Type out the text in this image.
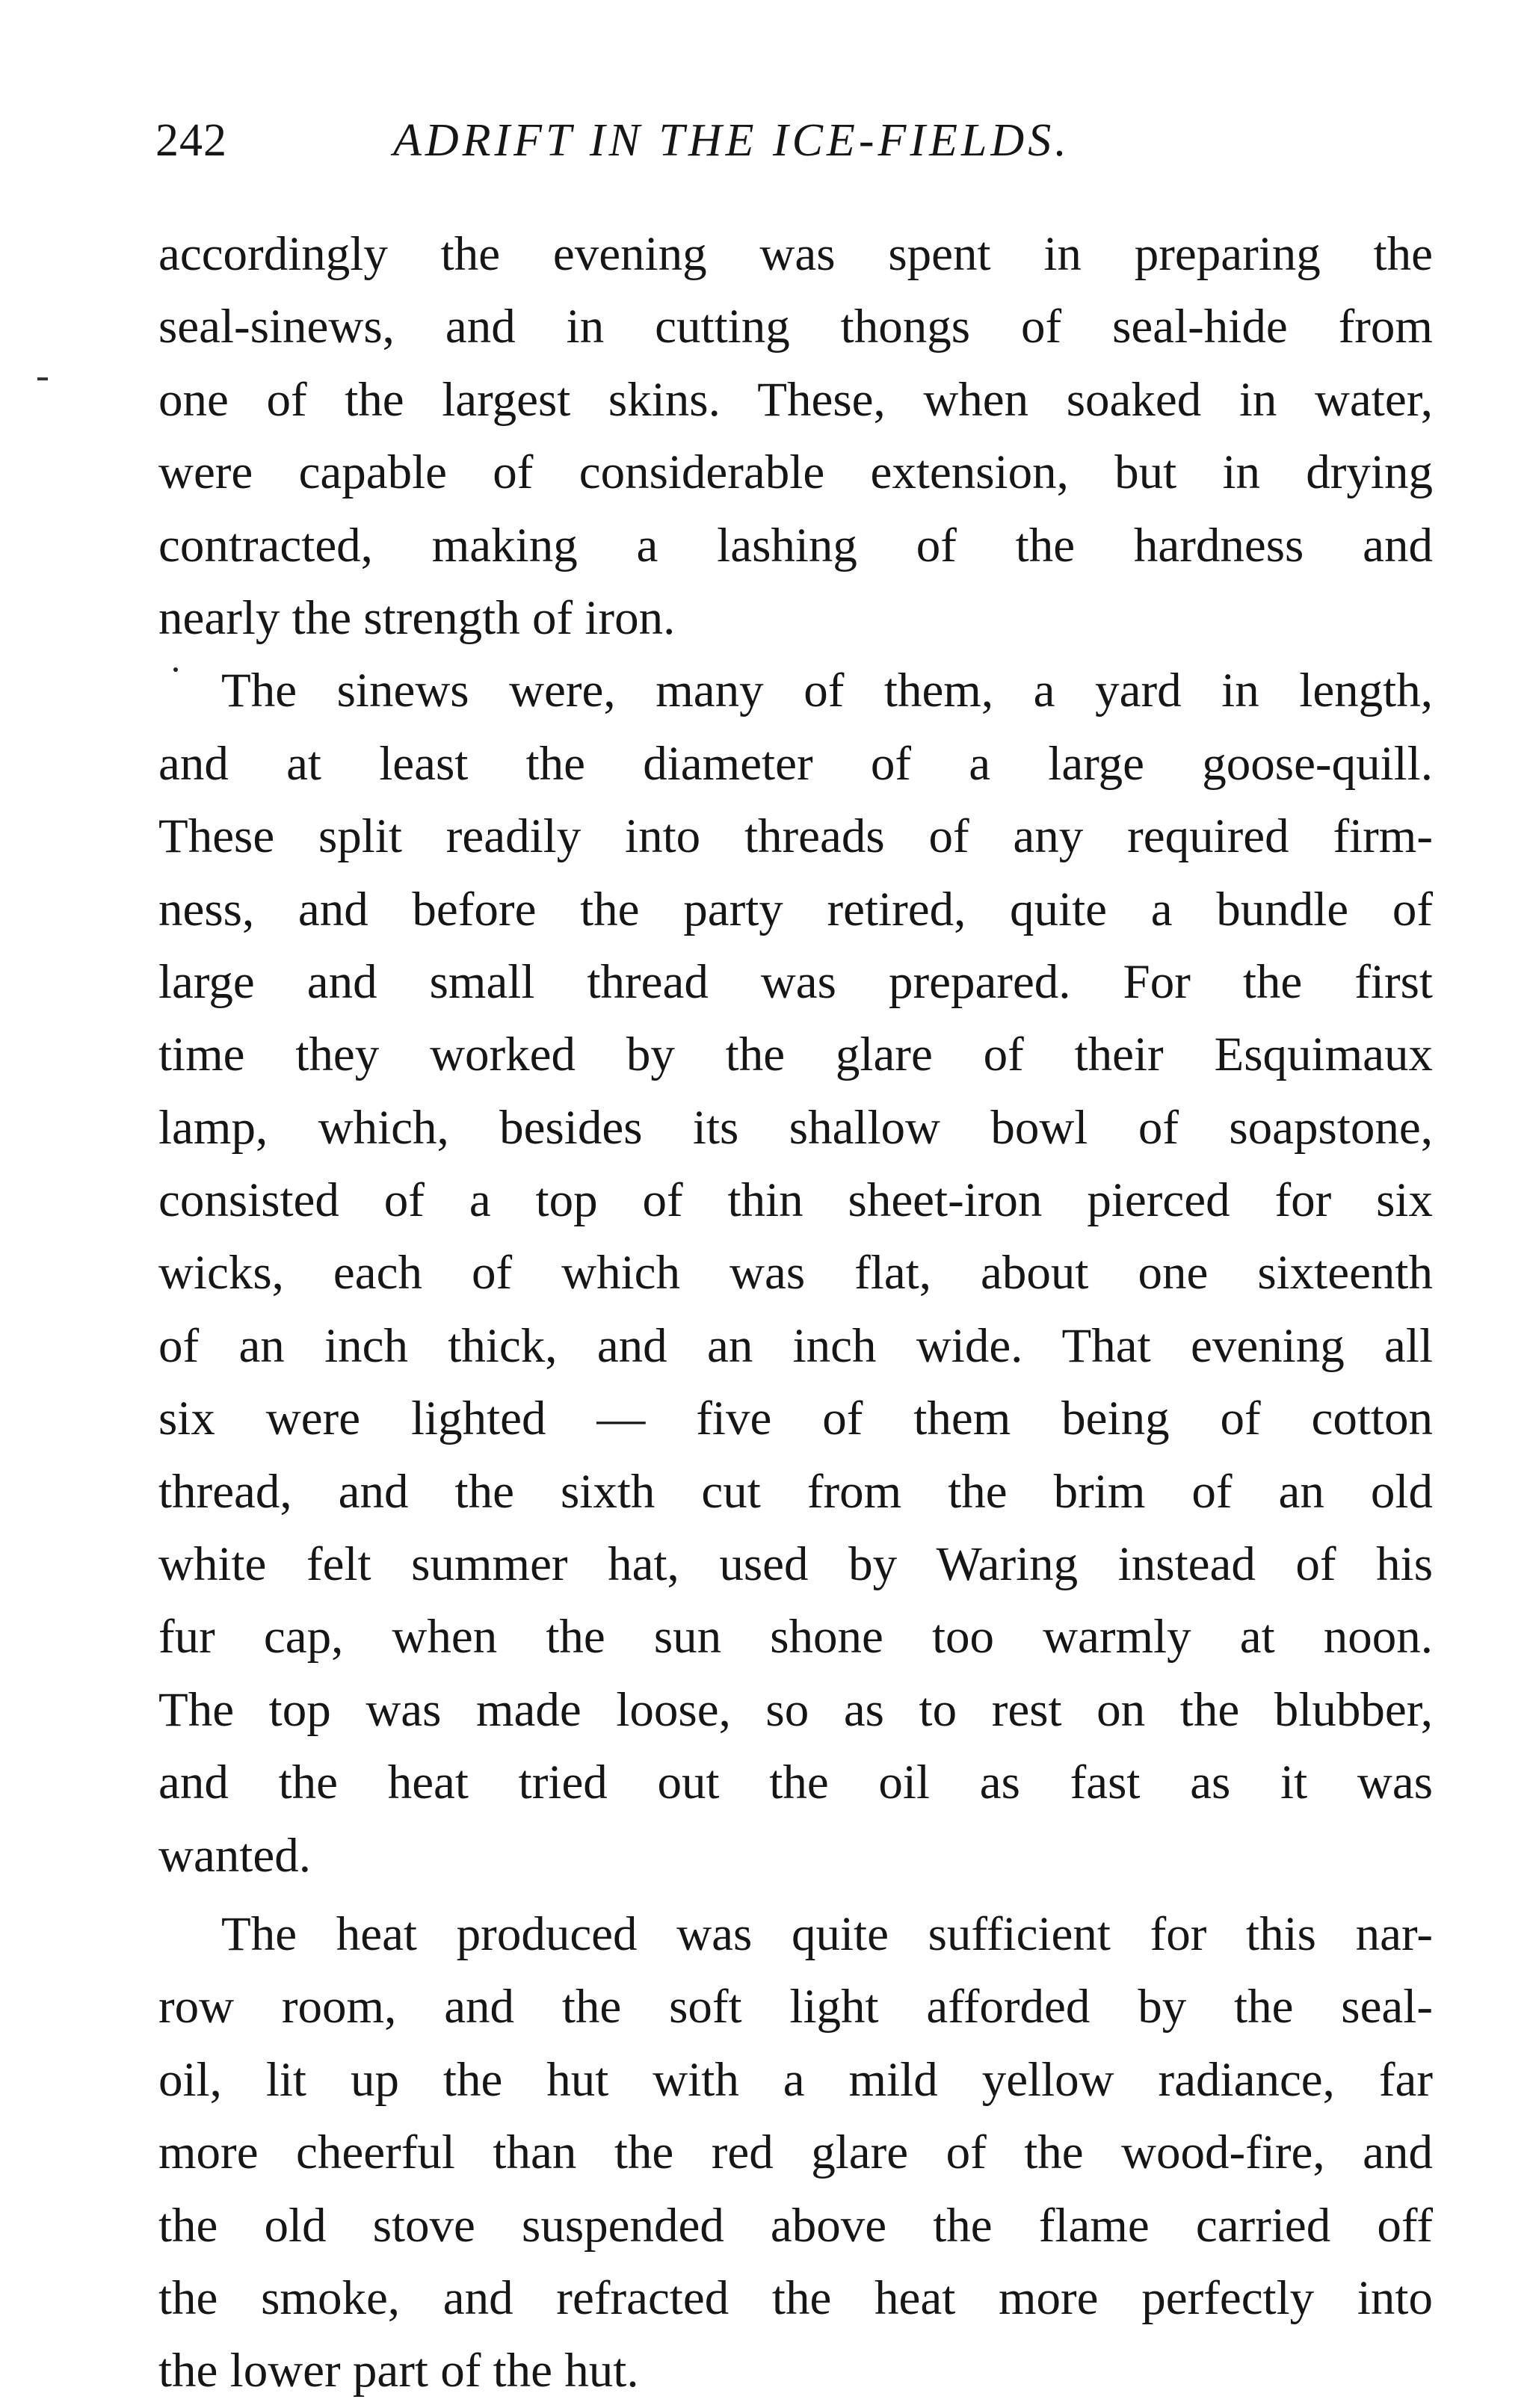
242	ADRIFT IN THE ICE-FIELDS.
accordingly the evening was spent in preparing the
seal-sinews, and in cutting thongs of seal-hide from
one of the largest skins. These, when soaked in water,
were capable of considerable extension, but in drying
contracted, making a lashing of the hardness and
nearly the strength of iron.
The sinews were, many of them, a yard in length,
and at least the diameter of a large goose-quill.
These split readily into threads of any required firm-
ness, and before the party retired, quite a bundle of
large and small thread was prepared. For the first
time they worked by the glare of their Esquimaux
lamp, which, besides its shallow bowl of soapstone,
consisted of a top of thin sheet-iron pierced for six
wicks, each of which was flat, about one sixteenth
of an inch thick, and an inch wide. That evening all
six were lighted — five of them being of cotton
thread, and the sixth cut from the brim of an old
white felt summer hat, used by Waring instead of his
fur cap, when the sun shone too warmly at noon.
The top was made loose, so as to rest on the blubber,
and the heat tried out the oil as fast as it was
wanted.
The heat produced was quite sufficient for this nar-
row room, and the soft light afforded by the seal-
oil, lit up the hut with a mild yellow radiance, far
more cheerful than the red glare of the wood-fire, and
the old stove suspended above the flame carried off
the smoke, and refracted the heat more perfectly into
the lower part of the hut.
